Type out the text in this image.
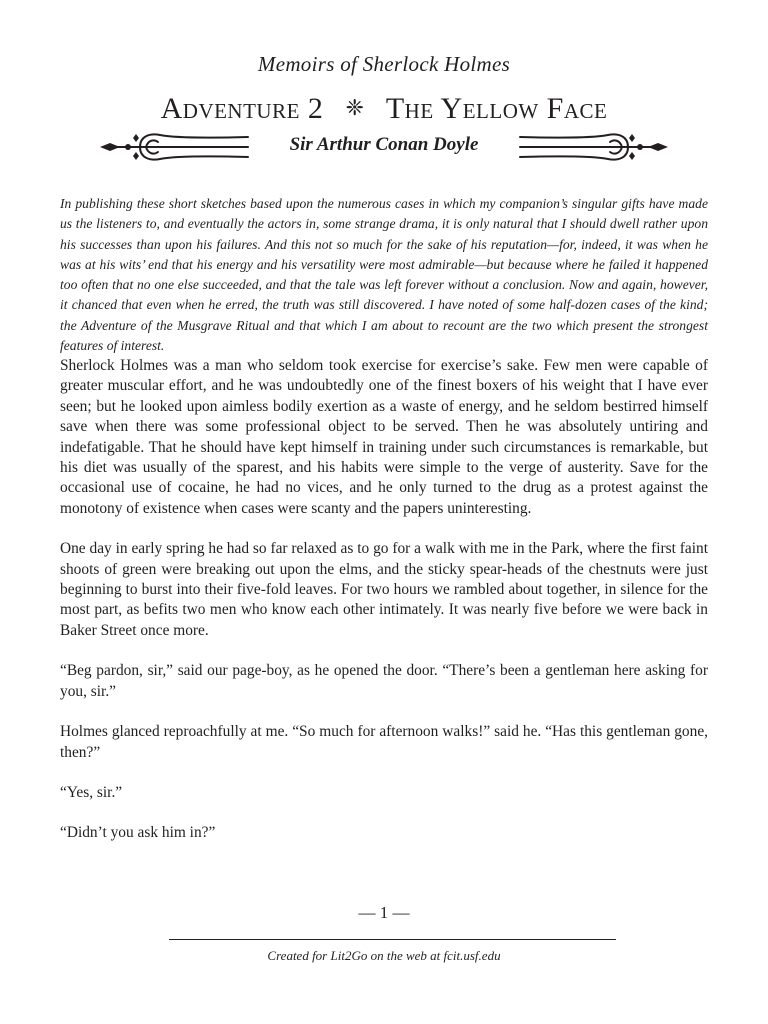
Memoirs of Sherlock Holmes
Adventure 2 ❈ The Yellow Face
Sir Arthur Conan Doyle
In publishing these short sketches based upon the numerous cases in which my companion’s singular gifts have made us the listeners to, and eventually the actors in, some strange drama, it is only natural that I should dwell rather upon his successes than upon his failures. And this not so much for the sake of his reputation—for, indeed, it was when he was at his wits’ end that his energy and his versatility were most admirable—but because where he failed it happened too often that no one else succeeded, and that the tale was left forever without a conclusion. Now and again, however, it chanced that even when he erred, the truth was still discovered. I have noted of some half-dozen cases of the kind; the Adventure of the Musgrave Ritual and that which I am about to recount are the two which present the strongest features of interest.

Sherlock Holmes was a man who seldom took exercise for exercise’s sake. Few men were capable of greater muscular effort, and he was undoubtedly one of the finest boxers of his weight that I have ever seen; but he looked upon aimless bodily exertion as a waste of energy, and he seldom bestirred himself save when there was some professional object to be served. Then he was absolutely untiring and indefatigable. That he should have kept himself in training under such circumstances is remarkable, but his diet was usually of the sparest, and his habits were simple to the verge of austerity. Save for the occasional use of cocaine, he had no vices, and he only turned to the drug as a protest against the monotony of existence when cases were scanty and the papers uninteresting.

One day in early spring he had so far relaxed as to go for a walk with me in the Park, where the first faint shoots of green were breaking out upon the elms, and the sticky spear-heads of the chestnuts were just beginning to burst into their five-fold leaves. For two hours we rambled about together, in silence for the most part, as befits two men who know each other intimately. It was nearly five before we were back in Baker Street once more.

“Beg pardon, sir,” said our page-boy, as he opened the door. “There’s been a gentleman here asking for you, sir.”

Holmes glanced reproachfully at me. “So much for afternoon walks!” said he. “Has this gentleman gone, then?”

“Yes, sir.”

“Didn’t you ask him in?”

— 1 —
Created for Lit2Go on the web at fcit.usf.edu
